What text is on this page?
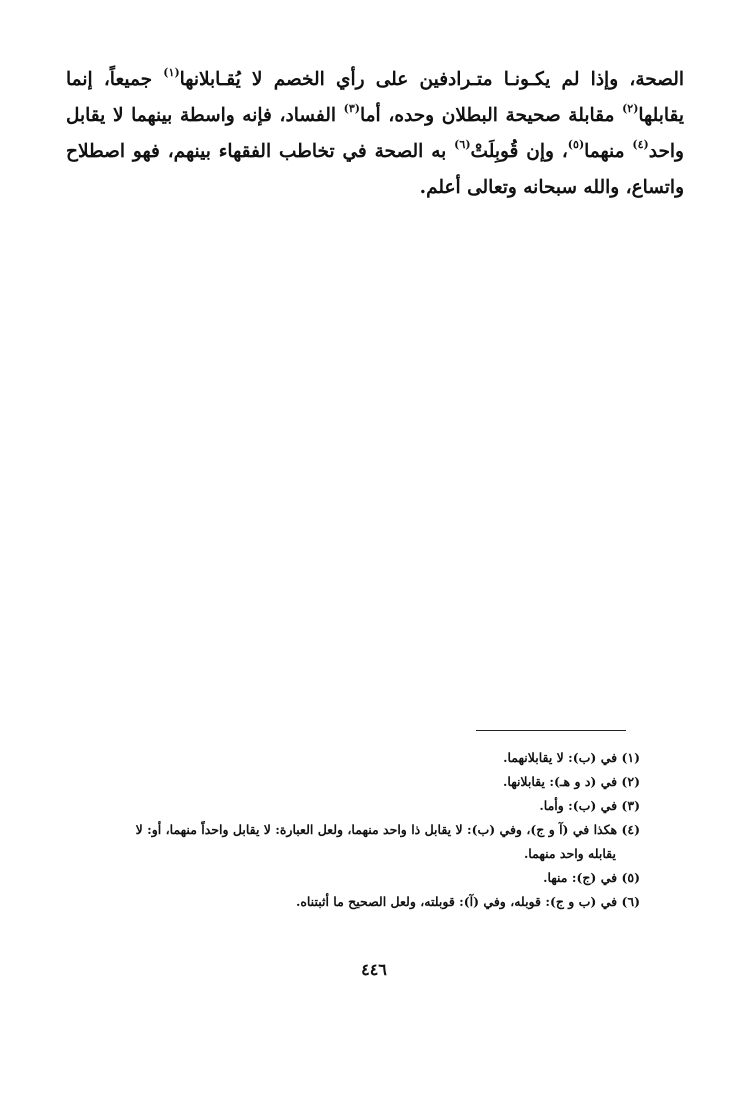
الصحة، وإذا لم يكـونـا متـرادفين على رأي الخصم لا يُقـابلانها$^{(١)}$ جميعاً، إنما
يقابلها$^{(٢)}$ مقابلة صحيحة البطلان وحده، أما$^{(٣)}$ الفساد، فإنه واسطة بينهما لا يقابل
واحد$^{(٤)}$ منهما$^{(٥)}$، وإن قُوبِلَتْ$^{(٦)}$ به الصحة في تخاطب الفقهاء بينهم، فهو اصطلاح
واتساع، والله سبحانه وتعالى أعلم.
(١) في (ب): لا يقابلانهما.
(٢) في (د و هـ): يقابلانها.
(٣) في (ب): وأما.
(٤) هكذا في (آ و ج)، وفي (ب): لا يقابل ذا واحد منهما، ولعل العبارة: لا يقابل واحداً منهما، أو: لا
يقابله واحد منهما.
(٥) في (ج): منها.
(٦) في (ب و ج): قوبله، وفي (آ): قوبلته، ولعل الصحيح ما أثبتناه.
٤٤٦
